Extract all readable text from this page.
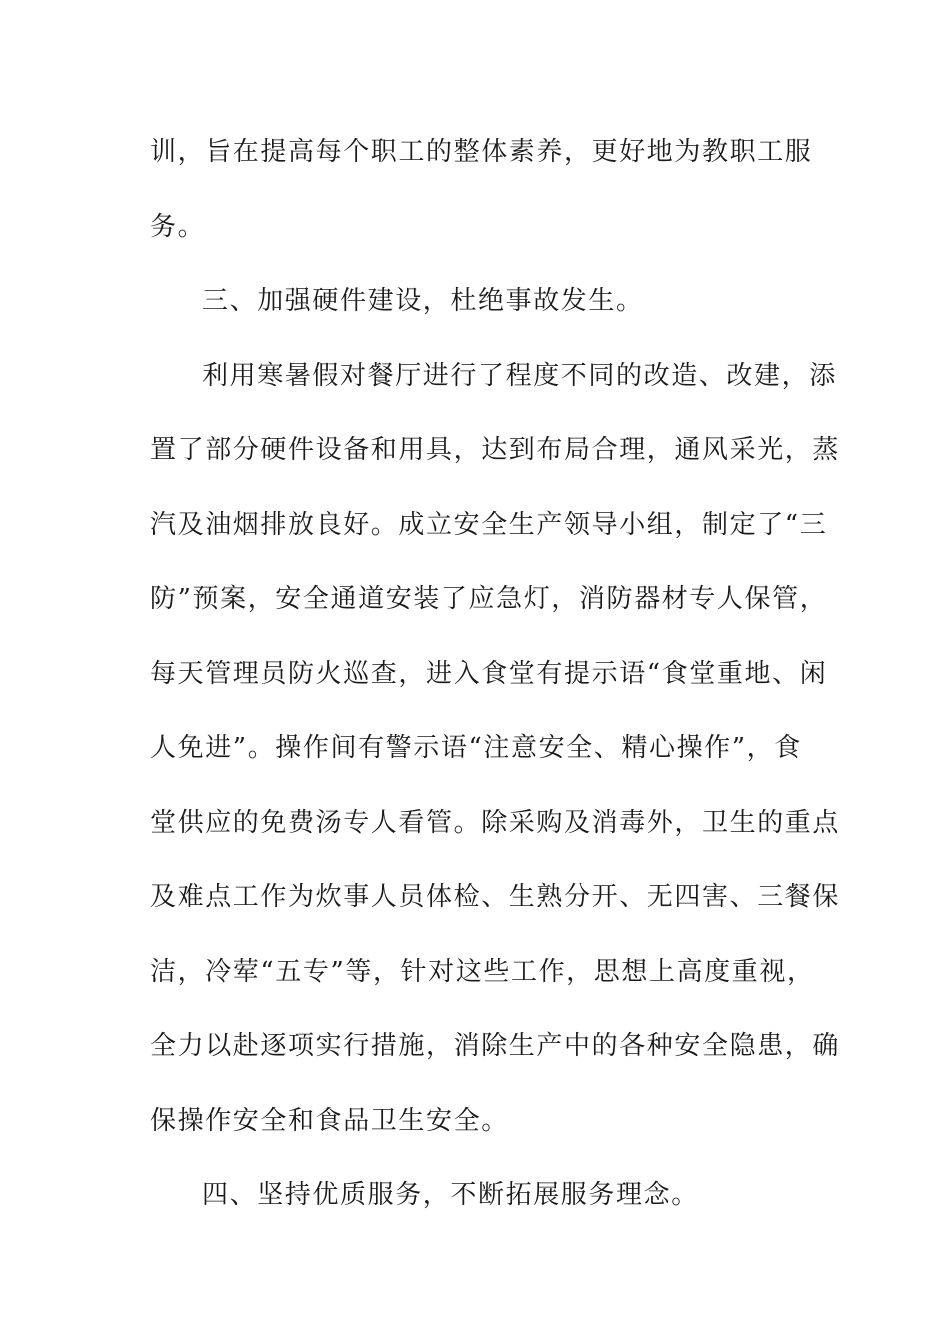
训，旨在提高每个职工的整体素养，更好地为教职工服

务。

三、加强硬件建设，杜绝事故发生。

利用寒暑假对餐厅进行了程度不同的改造、改建，添

置了部分硬件设备和用具，达到布局合理，通风采光，蒸

汽及油烟排放良好。成立安全生产领导小组，制定了“三

防”预案，安全通道安装了应急灯，消防器材专人保管，

每天管理员防火巡查，进入食堂有提示语“食堂重地、闲

人免进”。操作间有警示语“注意安全、精心操作”，食

堂供应的免费汤专人看管。除采购及消毒外，卫生的重点

及难点工作为炊事人员体检、生熟分开、无四害、三餐保

洁，冷荤“五专”等，针对这些工作，思想上高度重视，

全力以赴逐项实行措施，消除生产中的各种安全隐患，确

保操作安全和食品卫生安全。

四、坚持优质服务，不断拓展服务理念。
